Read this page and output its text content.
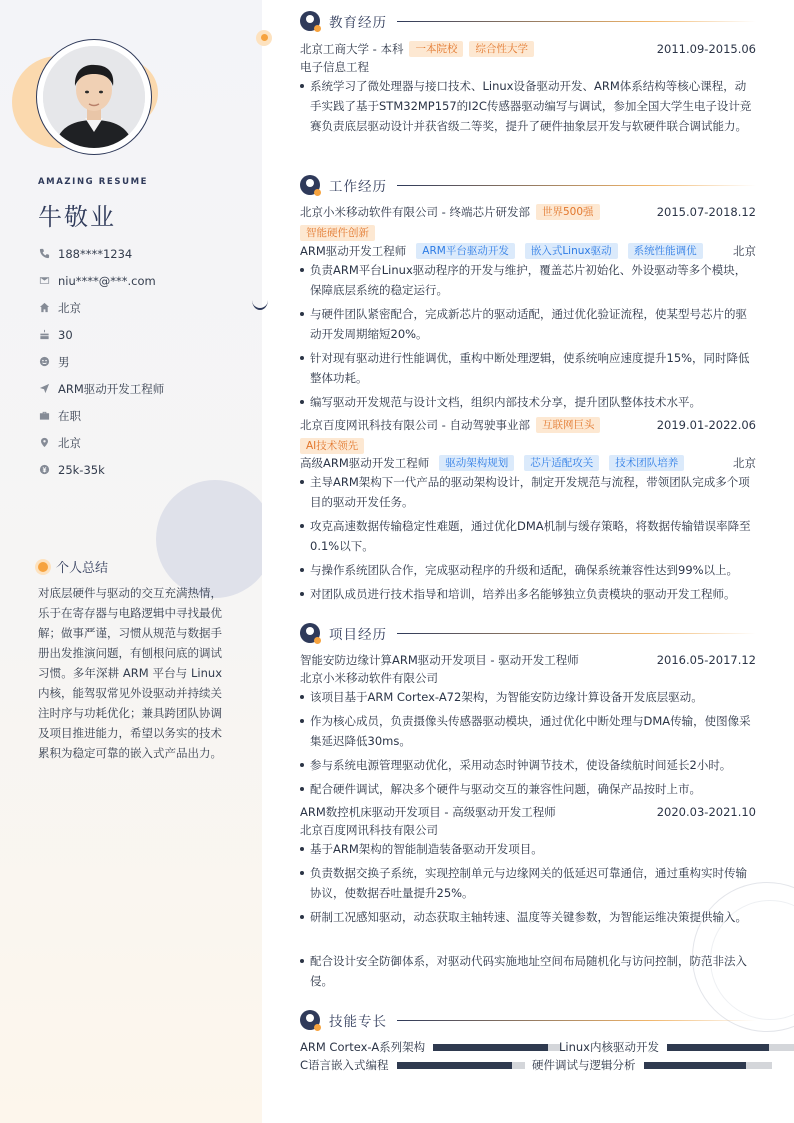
AMAZING RESUME
牛敬业
188****1234
niu****@***.com
北京
30
男
ARM驱动开发工程师
在职
北京
25k-35k
个人总结
对底层硬件与驱动的交互充满热情，乐于在寄存器与电路逻辑中寻找最优解；做事严谨，习惯从规范与数据手册出发推演问题，有刨根问底的调试习惯。多年深耕 ARM 平台与 Linux 内核，能驾驭常见外设驱动并持续关注时序与功耗优化；兼具跨团队协调及项目推进能力，希望以务实的技术累积为稳定可靠的嵌入式产品出力。
教育经历
北京工商大学 - 本科	一本院校	综合性大学	2011.09-2015.06
电子信息工程
系统学习了微处理器与接口技术、Linux设备驱动开发、ARM体系结构等核心课程，动手实践了基于STM32MP157的I2C传感器驱动编写与调试，参加全国大学生电子设计竞赛负责底层驱动设计并获省级二等奖，提升了硬件抽象层开发与软硬件联合调试能力。
工作经历
北京小米移动软件有限公司 - 终端芯片研发部	世界500强	2015.07-2018.12
智能硬件创新
ARM驱动开发工程师	ARM平台驱动开发	嵌入式Linux驱动	系统性能调优	北京
负责ARM平台Linux驱动程序的开发与维护，覆盖芯片初始化、外设驱动等多个模块，保障底层系统的稳定运行。
与硬件团队紧密配合，完成新芯片的驱动适配，通过优化验证流程，使某型号芯片的驱动开发周期缩短20%。
针对现有驱动进行性能调优，重构中断处理逻辑，使系统响应速度提升15%，同时降低整体功耗。
编写驱动开发规范与设计文档，组织内部技术分享，提升团队整体技术水平。
北京百度网讯科技有限公司 - 自动驾驶事业部	互联网巨头	2019.01-2022.06
AI技术领先
高级ARM驱动开发工程师	驱动架构规划	芯片适配攻关	技术团队培养	北京
主导ARM架构下一代产品的驱动架构设计，制定开发规范与流程，带领团队完成多个项目的驱动开发任务。
攻克高速数据传输稳定性难题，通过优化DMA机制与缓存策略，将数据传输错误率降至0.1%以下。
与操作系统团队合作，完成驱动程序的升级和适配，确保系统兼容性达到99%以上。
对团队成员进行技术指导和培训，培养出多名能够独立负责模块的驱动开发工程师。
项目经历
智能安防边缘计算ARM驱动开发项目 - 驱动开发工程师	2016.05-2017.12
北京小米移动软件有限公司
该项目基于ARM Cortex-A72架构，为智能安防边缘计算设备开发底层驱动。
作为核心成员，负责摄像头传感器驱动模块，通过优化中断处理与DMA传输，使图像采集延迟降低30ms。
参与系统电源管理驱动优化，采用动态时钟调节技术，使设备续航时间延长2小时。
配合硬件调试，解决多个硬件与驱动交互的兼容性问题，确保产品按时上市。
ARM数控机床驱动开发项目 - 高级驱动开发工程师	2020.03-2021.10
北京百度网讯科技有限公司
基于ARM架构的智能制造装备驱动开发项目。
负责数据交换子系统，实现控制单元与边缘网关的低延迟可靠通信，通过重构实时传输协议，使数据吞吐量提升25%。
研制工况感知驱动，动态获取主轴转速、温度等关键参数，为智能运维决策提供输入。
配合设计安全防御体系，对驱动代码实施地址空间布局随机化与访问控制，防范非法入侵。
技能专长
ARM Cortex-A系列架构	Linux内核驱动开发
C语言嵌入式编程	硬件调试与逻辑分析
